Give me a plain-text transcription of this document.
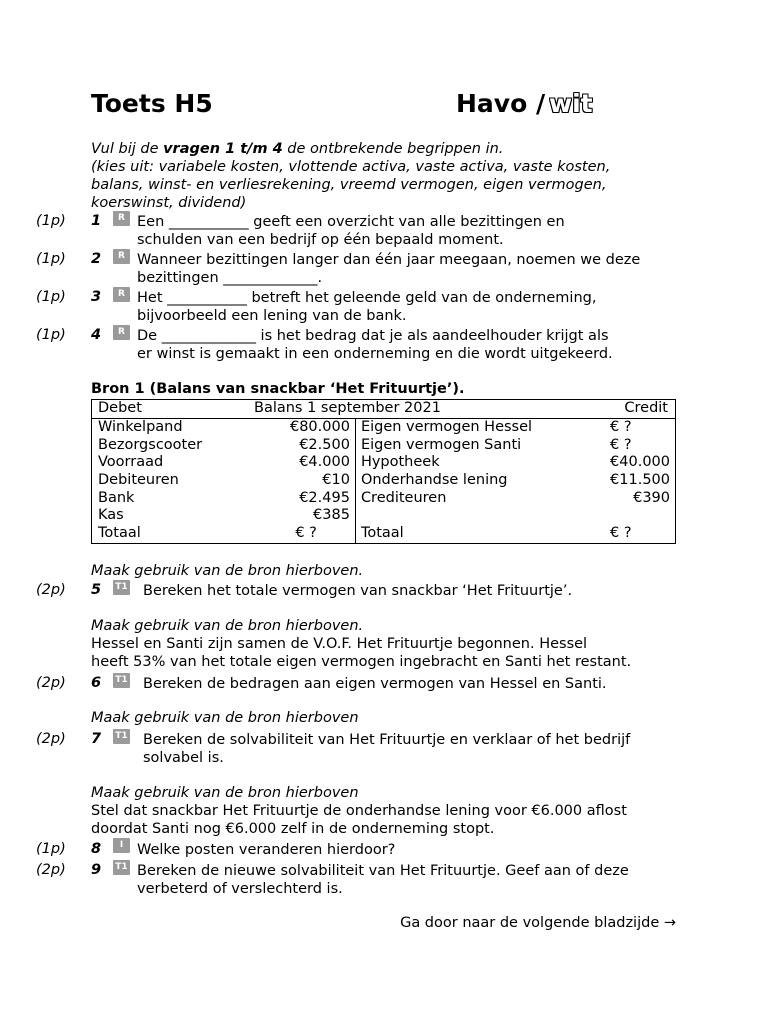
Toets H5	Havo / wit
Vul bij de vragen 1 t/m 4 de ontbrekende begrippen in.
(kies uit: variabele kosten, vlottende activa, vaste activa, vaste kosten,
balans, winst- en verliesrekening, vreemd vermogen, eigen vermogen,
koerswinst, dividend)
(1p) 1	R Een ___________ geeft een overzicht van alle bezittingen en
schulden van een bedrijf op één bepaald moment.
(1p) 2	R Wanneer bezittingen langer dan één jaar meegaan, noemen we deze
bezittingen _____________.
(1p) 3	R Het ___________ betreft het geleende geld van de onderneming,
bijvoorbeeld een lening van de bank.
(1p) 4	R De _____________ is het bedrag dat je als aandeelhouder krijgt als
er winst is gemaakt in een onderneming en die wordt uitgekeerd.
Bron 1 (Balans van snackbar ‘Het Frituurtje’).
Debet Balans 1 september 2021 Credit			

Winkelpand	€80.000	Eigen vermogen Hessel	€ ?
Bezorgscooter	€2.500	Eigen vermogen Santi	€ ?
Voorraad	€4.000	Hypotheek	€40.000
Debiteuren	€10	Onderhandse lening	€11.500
Bank	€2.495	Crediteuren	€390
Kas	€385		
Totaal	€ ?	Totaal	€ ?
Maak gebruik van de bron hierboven.
(2p) 5 T1 Bereken het totale vermogen van snackbar ‘Het Frituurtje’.
Maak gebruik van de bron hierboven.
Hessel en Santi zijn samen de V.O.F. Het Frituurtje begonnen. Hessel
heeft 53% van het totale eigen vermogen ingebracht en Santi het restant.
(2p) 6 T1 Bereken de bedragen aan eigen vermogen van Hessel en Santi.
Maak gebruik van de bron hierboven
(2p) 7 T1 Bereken de solvabiliteit van Het Frituurtje en verklaar of het bedrijf
solvabel is.
Maak gebruik van de bron hierboven
Stel dat snackbar Het Frituurtje de onderhandse lening voor €6.000 aflost
doordat Santi nog €6.000 zelf in de onderneming stopt.
(1p) 8	I Welke posten veranderen hierdoor?
(2p) 9 T1 Bereken de nieuwe solvabiliteit van Het Frituurtje. Geef aan of deze
verbeterd of verslechterd is.
Ga door naar de volgende bladzijde →
